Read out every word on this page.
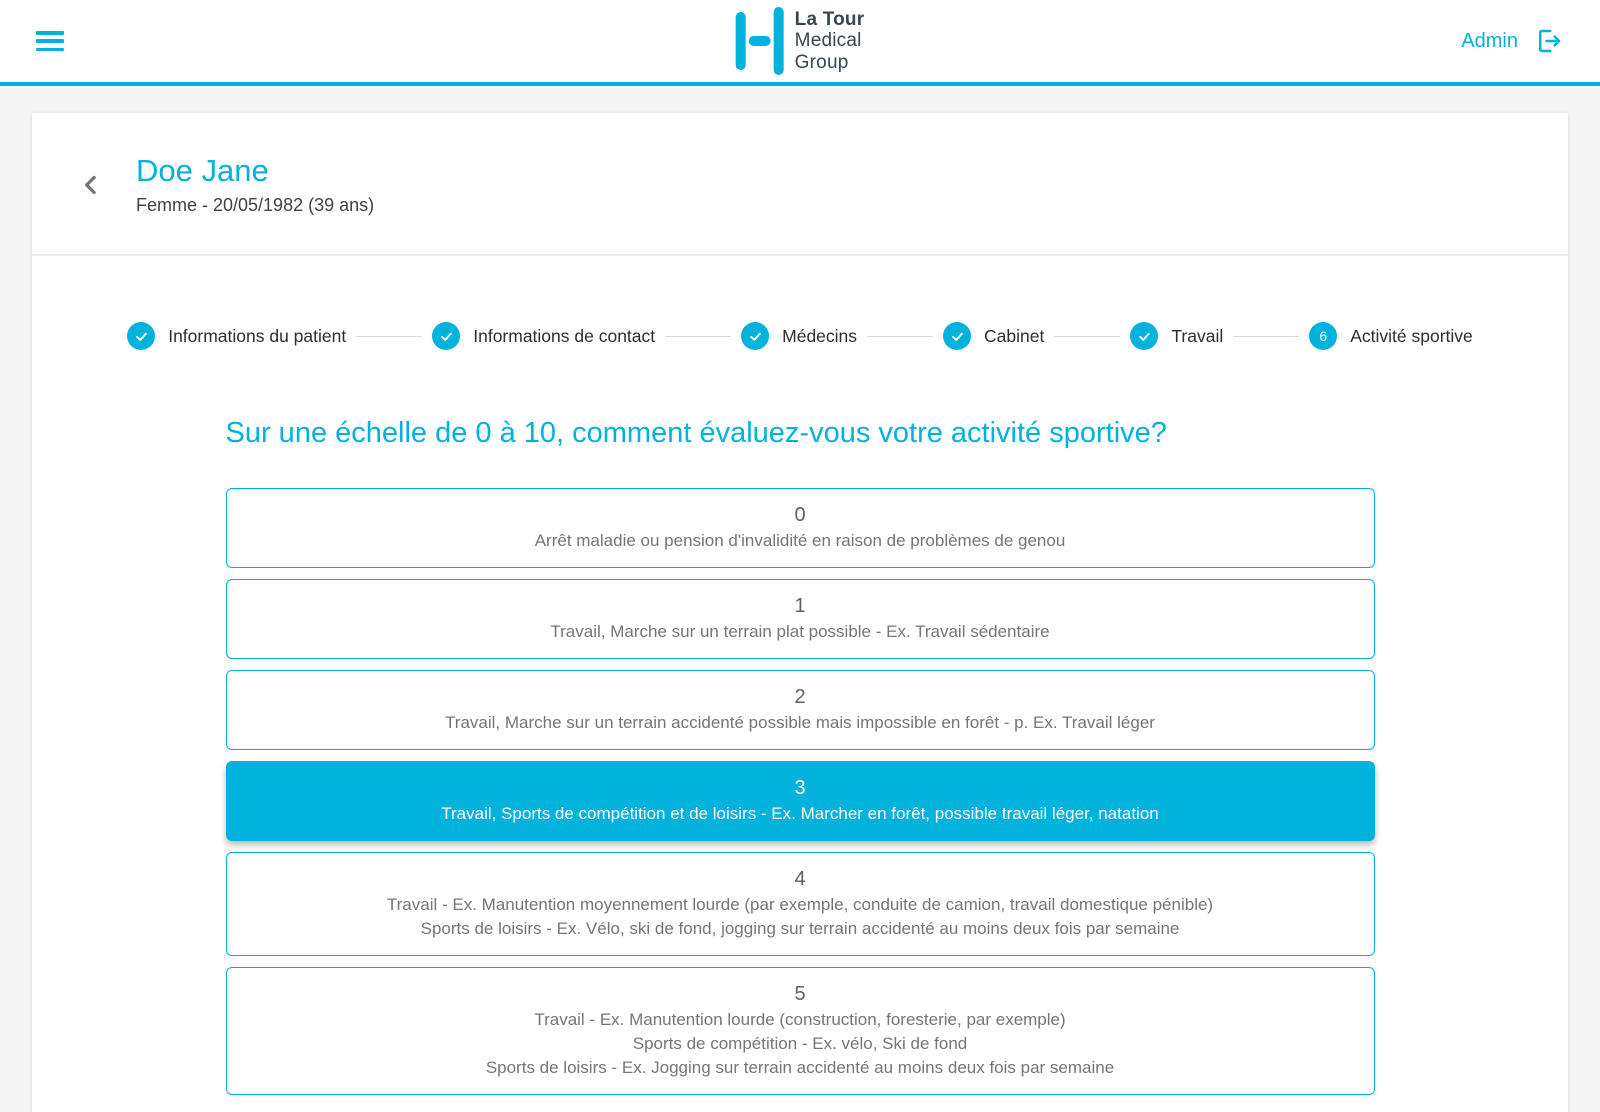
La Tour
Medical
Group
Admin
Doe Jane
Femme - 20/05/1982 (39 ans)
Informations du patient	Informations de contact	Médecins	Cabinet	Travail	6 Activité sportive
Sur une échelle de 0 à 10, comment évaluez-vous votre activité sportive?
0
Arrêt maladie ou pension d'invalidité en raison de problèmes de genou
1
Travail, Marche sur un terrain plat possible - Ex. Travail sédentaire
2
Travail, Marche sur un terrain accidenté possible mais impossible en forêt - p. Ex. Travail léger
3
Travail, Sports de compétition et de loisirs - Ex. Marcher en forêt, possible travail léger, natation
4
Travail - Ex. Manutention moyennement lourde (par exemple, conduite de camion, travail domestique pénible)
Sports de loisirs - Ex. Vélo, ski de fond, jogging sur terrain accidenté au moins deux fois par semaine
5
Travail - Ex. Manutention lourde (construction, foresterie, par exemple)
Sports de compétition - Ex. vélo, Ski de fond
Sports de loisirs - Ex. Jogging sur terrain accidenté au moins deux fois par semaine
